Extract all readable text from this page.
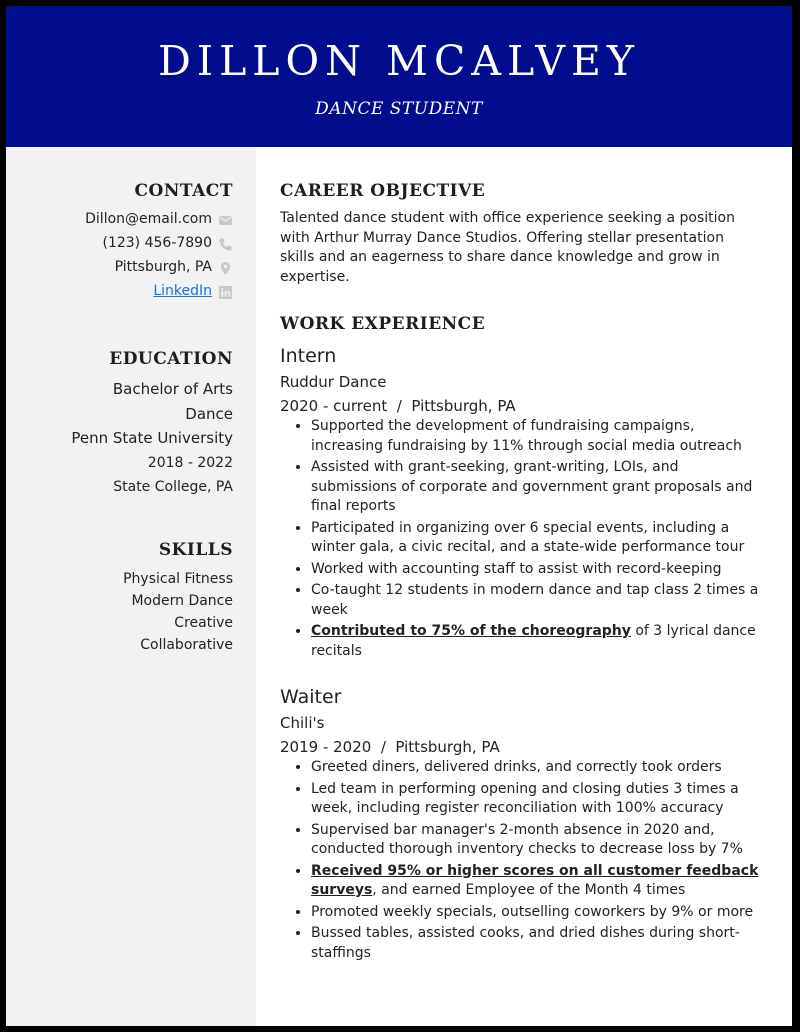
DILLON MCALVEY
DANCE STUDENT
CONTACT
Dillon@email.com
(123) 456-7890
Pittsburgh, PA
LinkedIn
EDUCATION
Bachelor of Arts
Dance
Penn State University
2018 - 2022
State College, PA
SKILLS
Physical Fitness
Modern Dance
Creative
Collaborative
CAREER OBJECTIVE
Talented dance student with office experience seeking a position with Arthur Murray Dance Studios. Offering stellar presentation skills and an eagerness to share dance knowledge and grow in expertise.
WORK EXPERIENCE
Intern
Ruddur Dance
2020 - current  /  Pittsburgh, PA
• Supported the development of fundraising campaigns, increasing fundraising by 11% through social media outreach
• Assisted with grant-seeking, grant-writing, LOIs, and submissions of corporate and government grant proposals and final reports
• Participated in organizing over 6 special events, including a winter gala, a civic recital, and a state-wide performance tour
• Worked with accounting staff to assist with record-keeping
• Co-taught 12 students in modern dance and tap class 2 times a week
• Contributed to 75% of the choreography of 3 lyrical dance recitals
Waiter
Chili's
2019 - 2020  /  Pittsburgh, PA
• Greeted diners, delivered drinks, and correctly took orders
• Led team in performing opening and closing duties 3 times a week, including register reconciliation with 100% accuracy
• Supervised bar manager's 2-month absence in 2020 and, conducted thorough inventory checks to decrease loss by 7%
• Received 95% or higher scores on all customer feedback surveys, and earned Employee of the Month 4 times
• Promoted weekly specials, outselling coworkers by 9% or more
• Bussed tables, assisted cooks, and dried dishes during short-staffings
